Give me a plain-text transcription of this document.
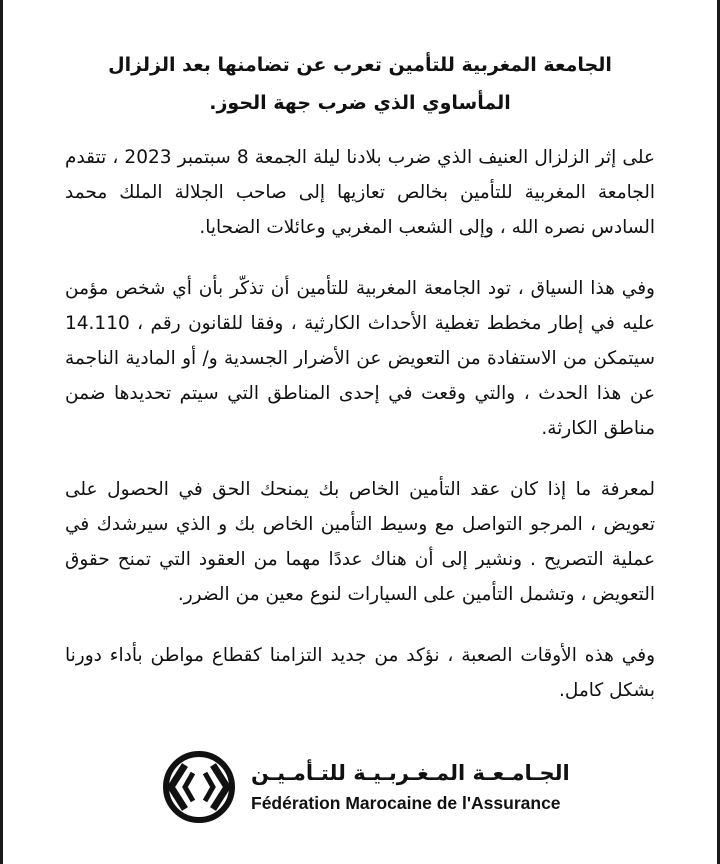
الجامعة المغربية للتأمين تعرب عن تضامنها بعد الزلزال المأساوي الذي ضرب جهة الحوز.

على إثر الزلزال العنيف الذي ضرب بلادنا ليلة الجمعة 8 سبتمبر 2023 ، تتقدم الجامعة المغربية للتأمين بخالص تعازيها إلى صاحب الجلالة الملك محمد السادس نصره الله ، وإلى الشعب المغربي وعائلات الضحايا.

وفي هذا السياق ، تود الجامعة المغربية للتأمين أن تذكّر بأن أي شخص مؤمن عليه في إطار مخطط تغطية الأحداث الكارثية ، وفقا للقانون رقم ، 14.110 سيتمكن من الاستفادة من التعويض عن الأضرار الجسدية و/ أو المادية الناجمة عن هذا الحدث ، والتي وقعت في إحدى المناطق التي سيتم تحديدها ضمن مناطق الكارثة.

لمعرفة ما إذا كان عقد التأمين الخاص بك يمنحك الحق في الحصول على تعويض ، المرجو التواصل مع وسيط التأمين الخاص بك و الذي سيرشدك في عملية التصريح . ونشير إلى أن هناك عددًا مهما من العقود التي تمنح حقوق التعويض ، وتشمل التأمين على السيارات لنوع معين من الضرر.

وفي هذه الأوقات الصعبة ، نؤكد من جديد التزامنا كقطاع مواطن بأداء دورنا بشكل كامل.

الجـامـعـة المـغـربـيـة للتـأمـيـن
Fédération Marocaine de l'Assurance
